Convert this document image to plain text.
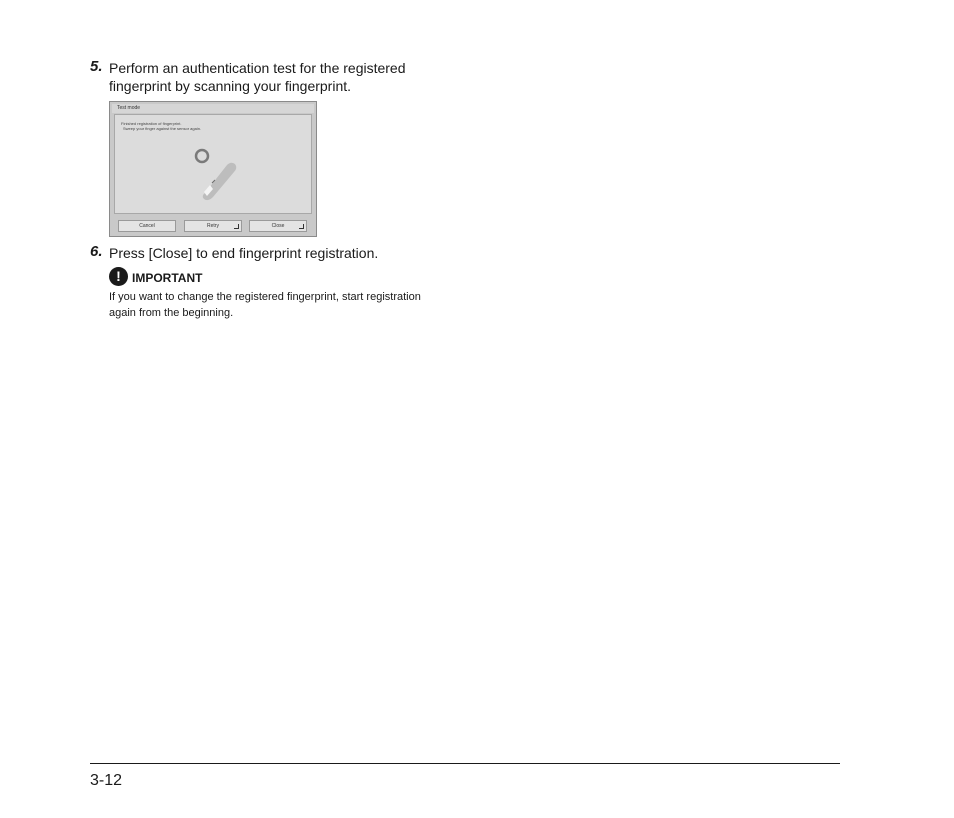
5. Perform an authentication test for the registered
fingerprint by scanning your fingerprint.
Test mode
Finished registration of fingerprint.
Sweep your finger against the sensor again.
Cancel	Retry	Close
6. Press [Close] to end fingerprint registration.
! IMPORTANT
If you want to change the registered fingerprint, start registration
again from the beginning.
3-12
